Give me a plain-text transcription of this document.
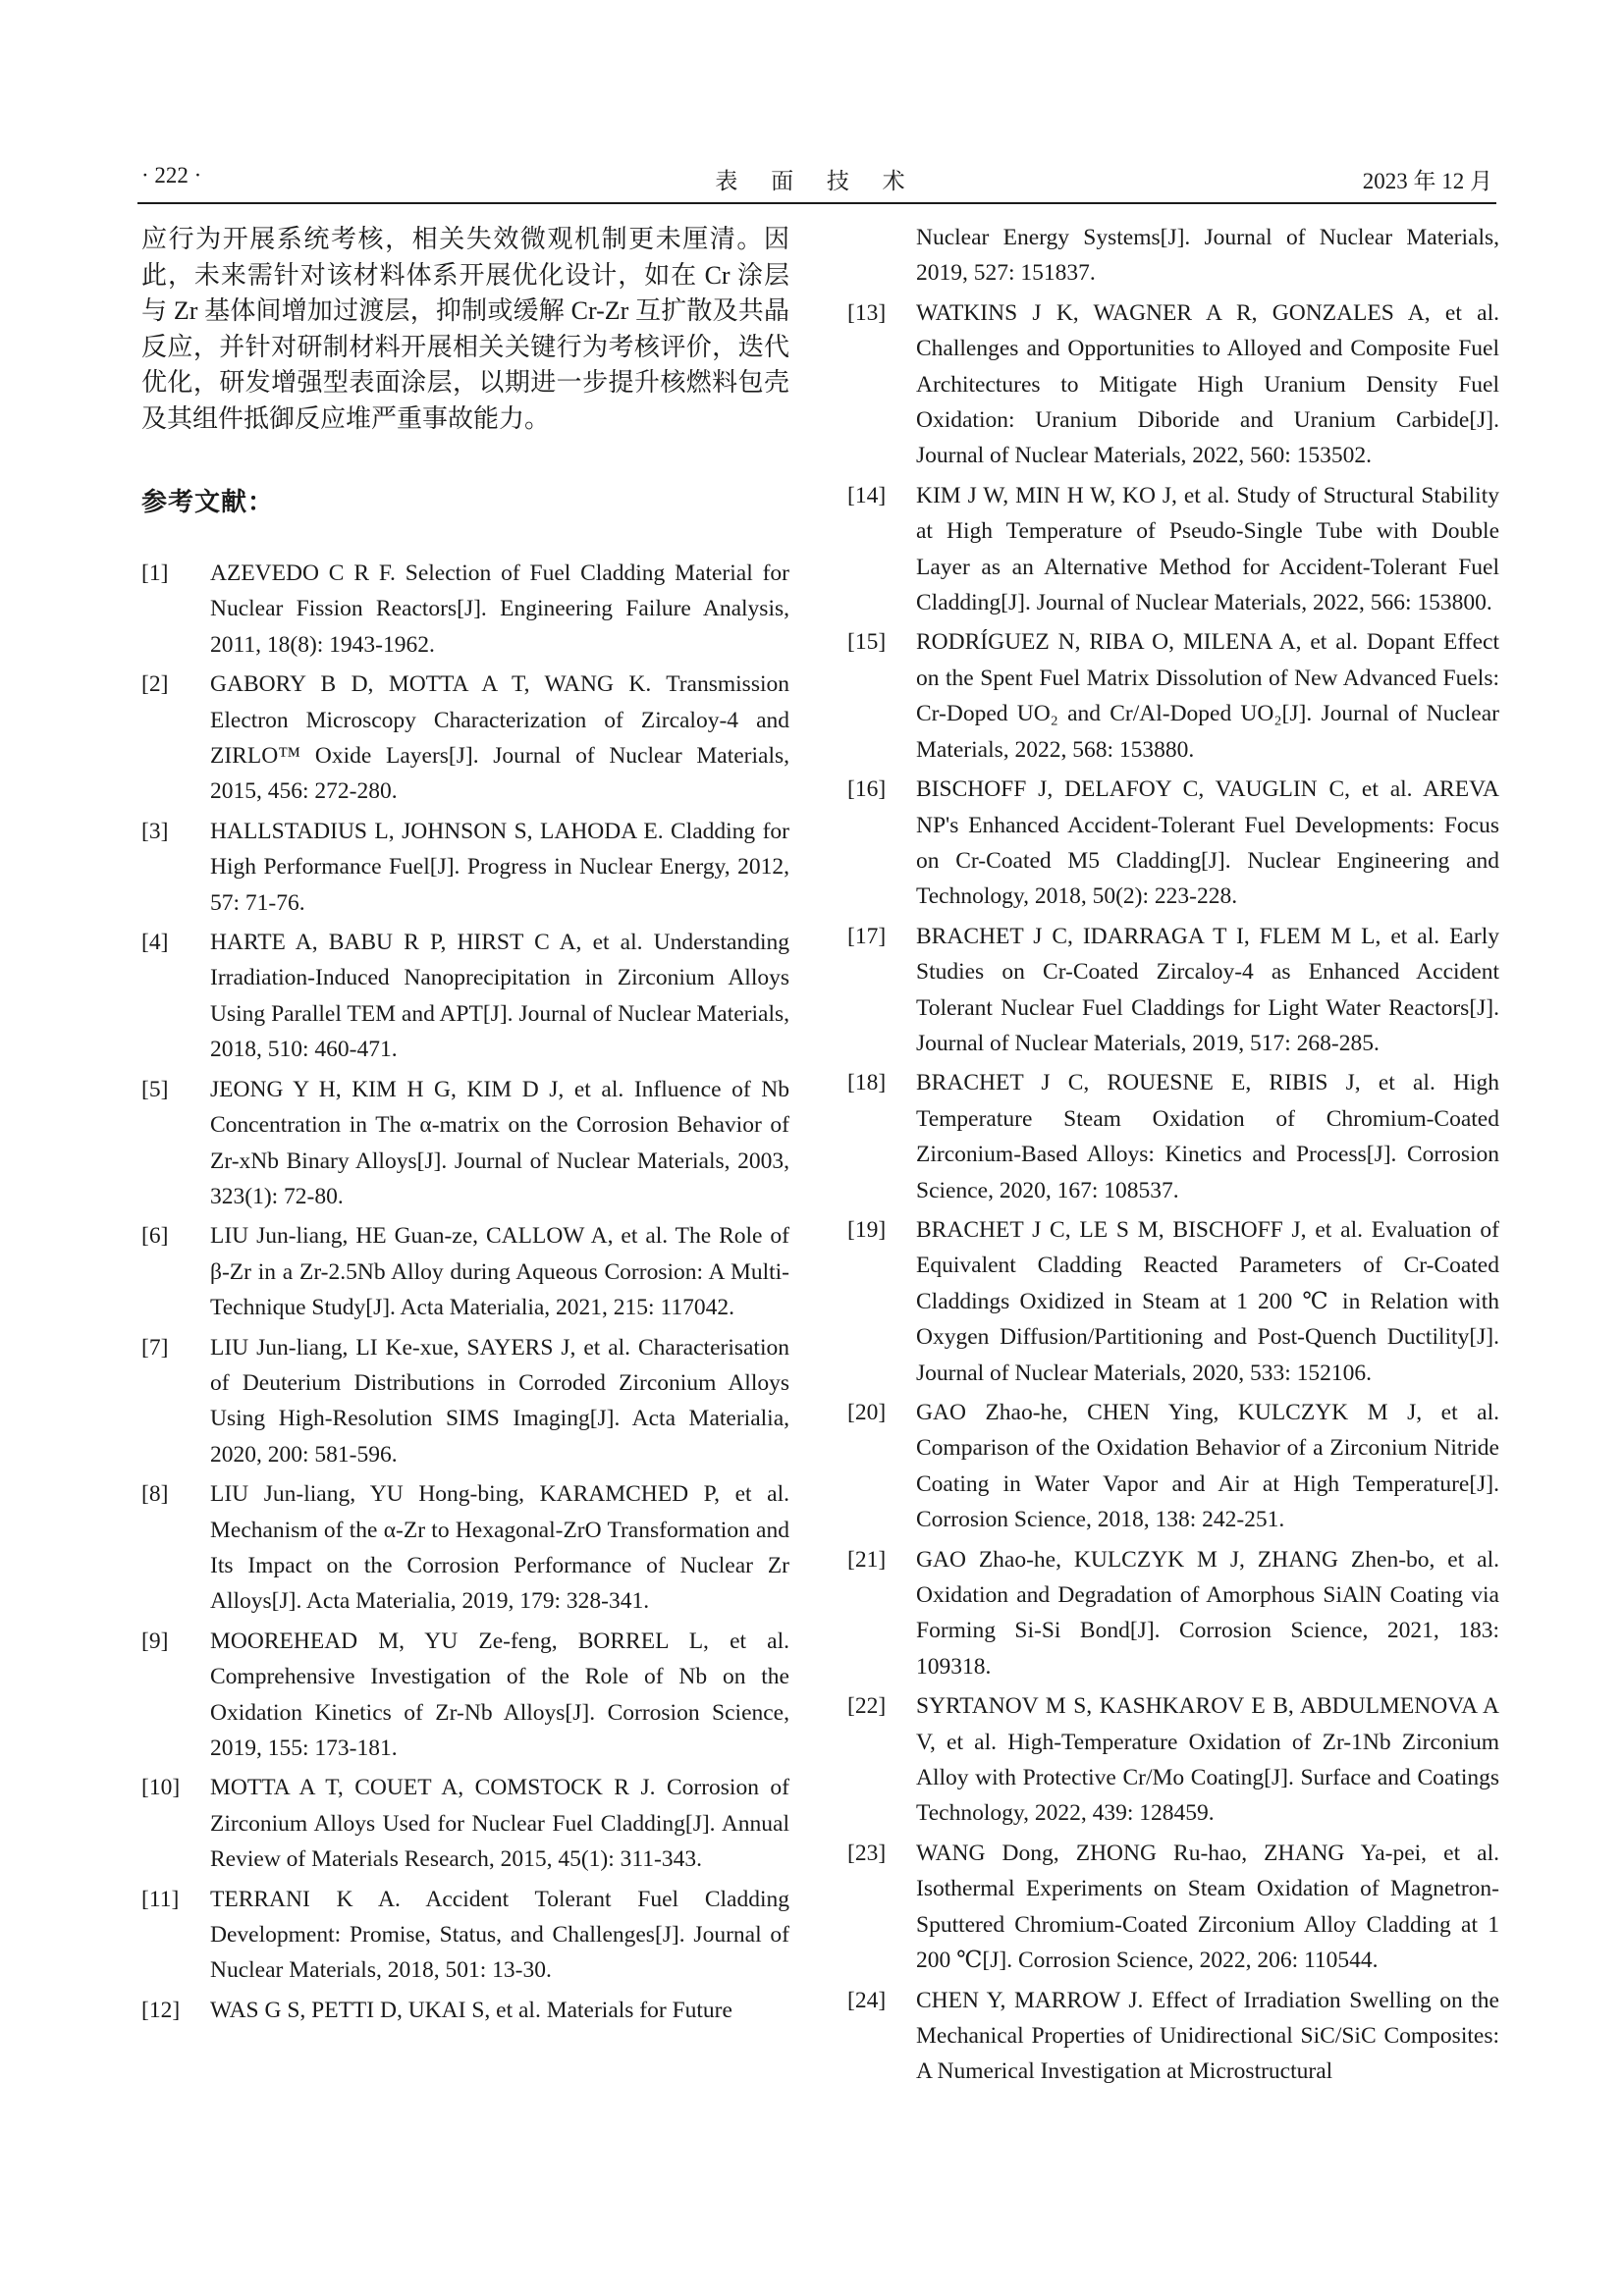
· 222 ·	表 面 技 术	2023 年 12 月

应行为开展系统考核，相关失效微观机制更未厘清。因此，未来需针对该材料体系开展优化设计，如在 Cr 涂层与 Zr 基体间增加过渡层，抑制或缓解 Cr-Zr 互扩散及共晶反应，并针对研制材料开展相关关键行为考核评价，迭代优化，研发增强型表面涂层，以期进一步提升核燃料包壳及其组件抵御反应堆严重事故能力。

参考文献：
[1] AZEVEDO C R F. Selection of Fuel Cladding Material for Nuclear Fission Reactors[J]. Engineering Failure Analysis, 2011, 18(8): 1943-1962.
[2] GABORY B D, MOTTA A T, WANG K. Transmission Electron Microscopy Characterization of Zircaloy-4 and ZIRLO™ Oxide Layers[J]. Journal of Nuclear Materials, 2015, 456: 272-280.
[3] HALLSTADIUS L, JOHNSON S, LAHODA E. Cladding for High Performance Fuel[J]. Progress in Nuclear Energy, 2012, 57: 71-76.
[4] HARTE A, BABU R P, HIRST C A, et al. Understanding Irradiation-Induced Nanoprecipitation in Zirconium Alloys Using Parallel TEM and APT[J]. Journal of Nuclear Materials, 2018, 510: 460-471.
[5] JEONG Y H, KIM H G, KIM D J, et al. Influence of Nb Concentration in The α-matrix on the Corrosion Behavior of Zr-xNb Binary Alloys[J]. Journal of Nuclear Materials, 2003, 323(1): 72-80.
[6] LIU Jun-liang, HE Guan-ze, CALLOW A, et al. The Role of β-Zr in a Zr-2.5Nb Alloy during Aqueous Corrosion: A Multi-Technique Study[J]. Acta Materialia, 2021, 215: 117042.
[7] LIU Jun-liang, LI Ke-xue, SAYERS J, et al. Characterisation of Deuterium Distributions in Corroded Zirconium Alloys Using High-Resolution SIMS Imaging[J]. Acta Materialia, 2020, 200: 581-596.
[8] LIU Jun-liang, YU Hong-bing, KARAMCHED P, et al. Mechanism of the α-Zr to Hexagonal-ZrO Transformation and Its Impact on the Corrosion Performance of Nuclear Zr Alloys[J]. Acta Materialia, 2019, 179: 328-341.
[9] MOOREHEAD M, YU Ze-feng, BORREL L, et al. Comprehensive Investigation of the Role of Nb on the Oxidation Kinetics of Zr-Nb Alloys[J]. Corrosion Science, 2019, 155: 173-181.
[10] MOTTA A T, COUET A, COMSTOCK R J. Corrosion of Zirconium Alloys Used for Nuclear Fuel Cladding[J]. Annual Review of Materials Research, 2015, 45(1): 311-343.
[11] TERRANI K A. Accident Tolerant Fuel Cladding Development: Promise, Status, and Challenges[J]. Journal of Nuclear Materials, 2018, 501: 13-30.
[12] WAS G S, PETTI D, UKAI S, et al. Materials for Future
Nuclear Energy Systems[J]. Journal of Nuclear Materials, 2019, 527: 151837.
[13] WATKINS J K, WAGNER A R, GONZALES A, et al. Challenges and Opportunities to Alloyed and Composite Fuel Architectures to Mitigate High Uranium Density Fuel Oxidation: Uranium Diboride and Uranium Carbide[J]. Journal of Nuclear Materials, 2022, 560: 153502.
[14] KIM J W, MIN H W, KO J, et al. Study of Structural Stability at High Temperature of Pseudo-Single Tube with Double Layer as an Alternative Method for Accident-Tolerant Fuel Cladding[J]. Journal of Nuclear Materials, 2022, 566: 153800.
[15] RODRÍGUEZ N, RIBA O, MILENA A, et al. Dopant Effect on the Spent Fuel Matrix Dissolution of New Advanced Fuels: Cr-Doped UO₂ and Cr/Al-Doped UO₂[J]. Journal of Nuclear Materials, 2022, 568: 153880.
[16] BISCHOFF J, DELAFOY C, VAUGLIN C, et al. AREVA NP's Enhanced Accident-Tolerant Fuel Developments: Focus on Cr-Coated M5 Cladding[J]. Nuclear Engineering and Technology, 2018, 50(2): 223-228.
[17] BRACHET J C, IDARRAGA T I, FLEM M L, et al. Early Studies on Cr-Coated Zircaloy-4 as Enhanced Accident Tolerant Nuclear Fuel Claddings for Light Water Reactors[J]. Journal of Nuclear Materials, 2019, 517: 268-285.
[18] BRACHET J C, ROUESNE E, RIBIS J, et al. High Temperature Steam Oxidation of Chromium-Coated Zirconium-Based Alloys: Kinetics and Process[J]. Corrosion Science, 2020, 167: 108537.
[19] BRACHET J C, LE S M, BISCHOFF J, et al. Evaluation of Equivalent Cladding Reacted Parameters of Cr-Coated Claddings Oxidized in Steam at 1 200 ℃ in Relation with Oxygen Diffusion/Partitioning and Post-Quench Ductility[J]. Journal of Nuclear Materials, 2020, 533: 152106.
[20] GAO Zhao-he, CHEN Ying, KULCZYK M J, et al. Comparison of the Oxidation Behavior of a Zirconium Nitride Coating in Water Vapor and Air at High Temperature[J]. Corrosion Science, 2018, 138: 242-251.
[21] GAO Zhao-he, KULCZYK M J, ZHANG Zhen-bo, et al. Oxidation and Degradation of Amorphous SiAlN Coating via Forming Si-Si Bond[J]. Corrosion Science, 2021, 183: 109318.
[22] SYRTANOV M S, KASHKAROV E B, ABDULMENOVA A V, et al. High-Temperature Oxidation of Zr-1Nb Zirconium Alloy with Protective Cr/Mo Coating[J]. Surface and Coatings Technology, 2022, 439: 128459.
[23] WANG Dong, ZHONG Ru-hao, ZHANG Ya-pei, et al. Isothermal Experiments on Steam Oxidation of Magnetron-Sputtered Chromium-Coated Zirconium Alloy Cladding at 1 200 ℃[J]. Corrosion Science, 2022, 206: 110544.
[24] CHEN Y, MARROW J. Effect of Irradiation Swelling on the Mechanical Properties of Unidirectional SiC/SiC Composites: A Numerical Investigation at Microstructural
